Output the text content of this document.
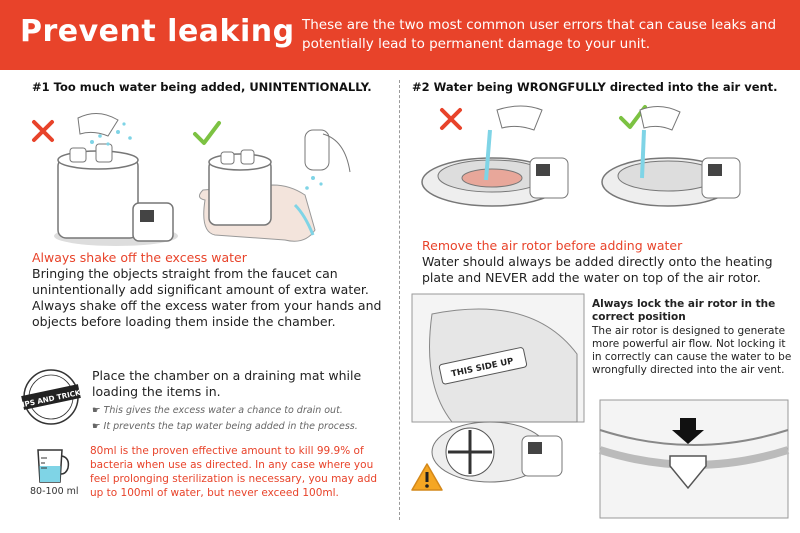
Prevent leaking These are the two most common user errors that can cause leaks and potentially lead to permanent damage to your unit.
#1 Too much water being added, UNINTENTIONALLY.
Always shake off the excess water
Bringing the objects straight from the faucet can unintentionally add significant amount of extra water. Always shake off the excess water from your hands and objects before loading them inside the chamber.
TIPS AND TRICKS
Place the chamber on a draining mat while loading the items in.
☛ This gives the excess water a chance to drain out.
☛ It prevents the tap water being added in the process.
80-100 ml
80ml is the proven effective amount to kill 99.9% of bacteria when use as directed. In any case where you feel prolonging sterilization is necessary, you may add up to 100ml of water, but never exceed 100ml.
#2 Water being WRONGFULLY directed into the air vent.
Remove the air rotor before adding water
Water should always be added directly onto the heating plate and NEVER add the water on top of the air rotor.
THIS SIDE UP
Always lock the air rotor in the correct position
The air rotor is designed to generate more powerful air flow. Not locking it in correctly can cause the water to be wrongfully directed into the air vent.
